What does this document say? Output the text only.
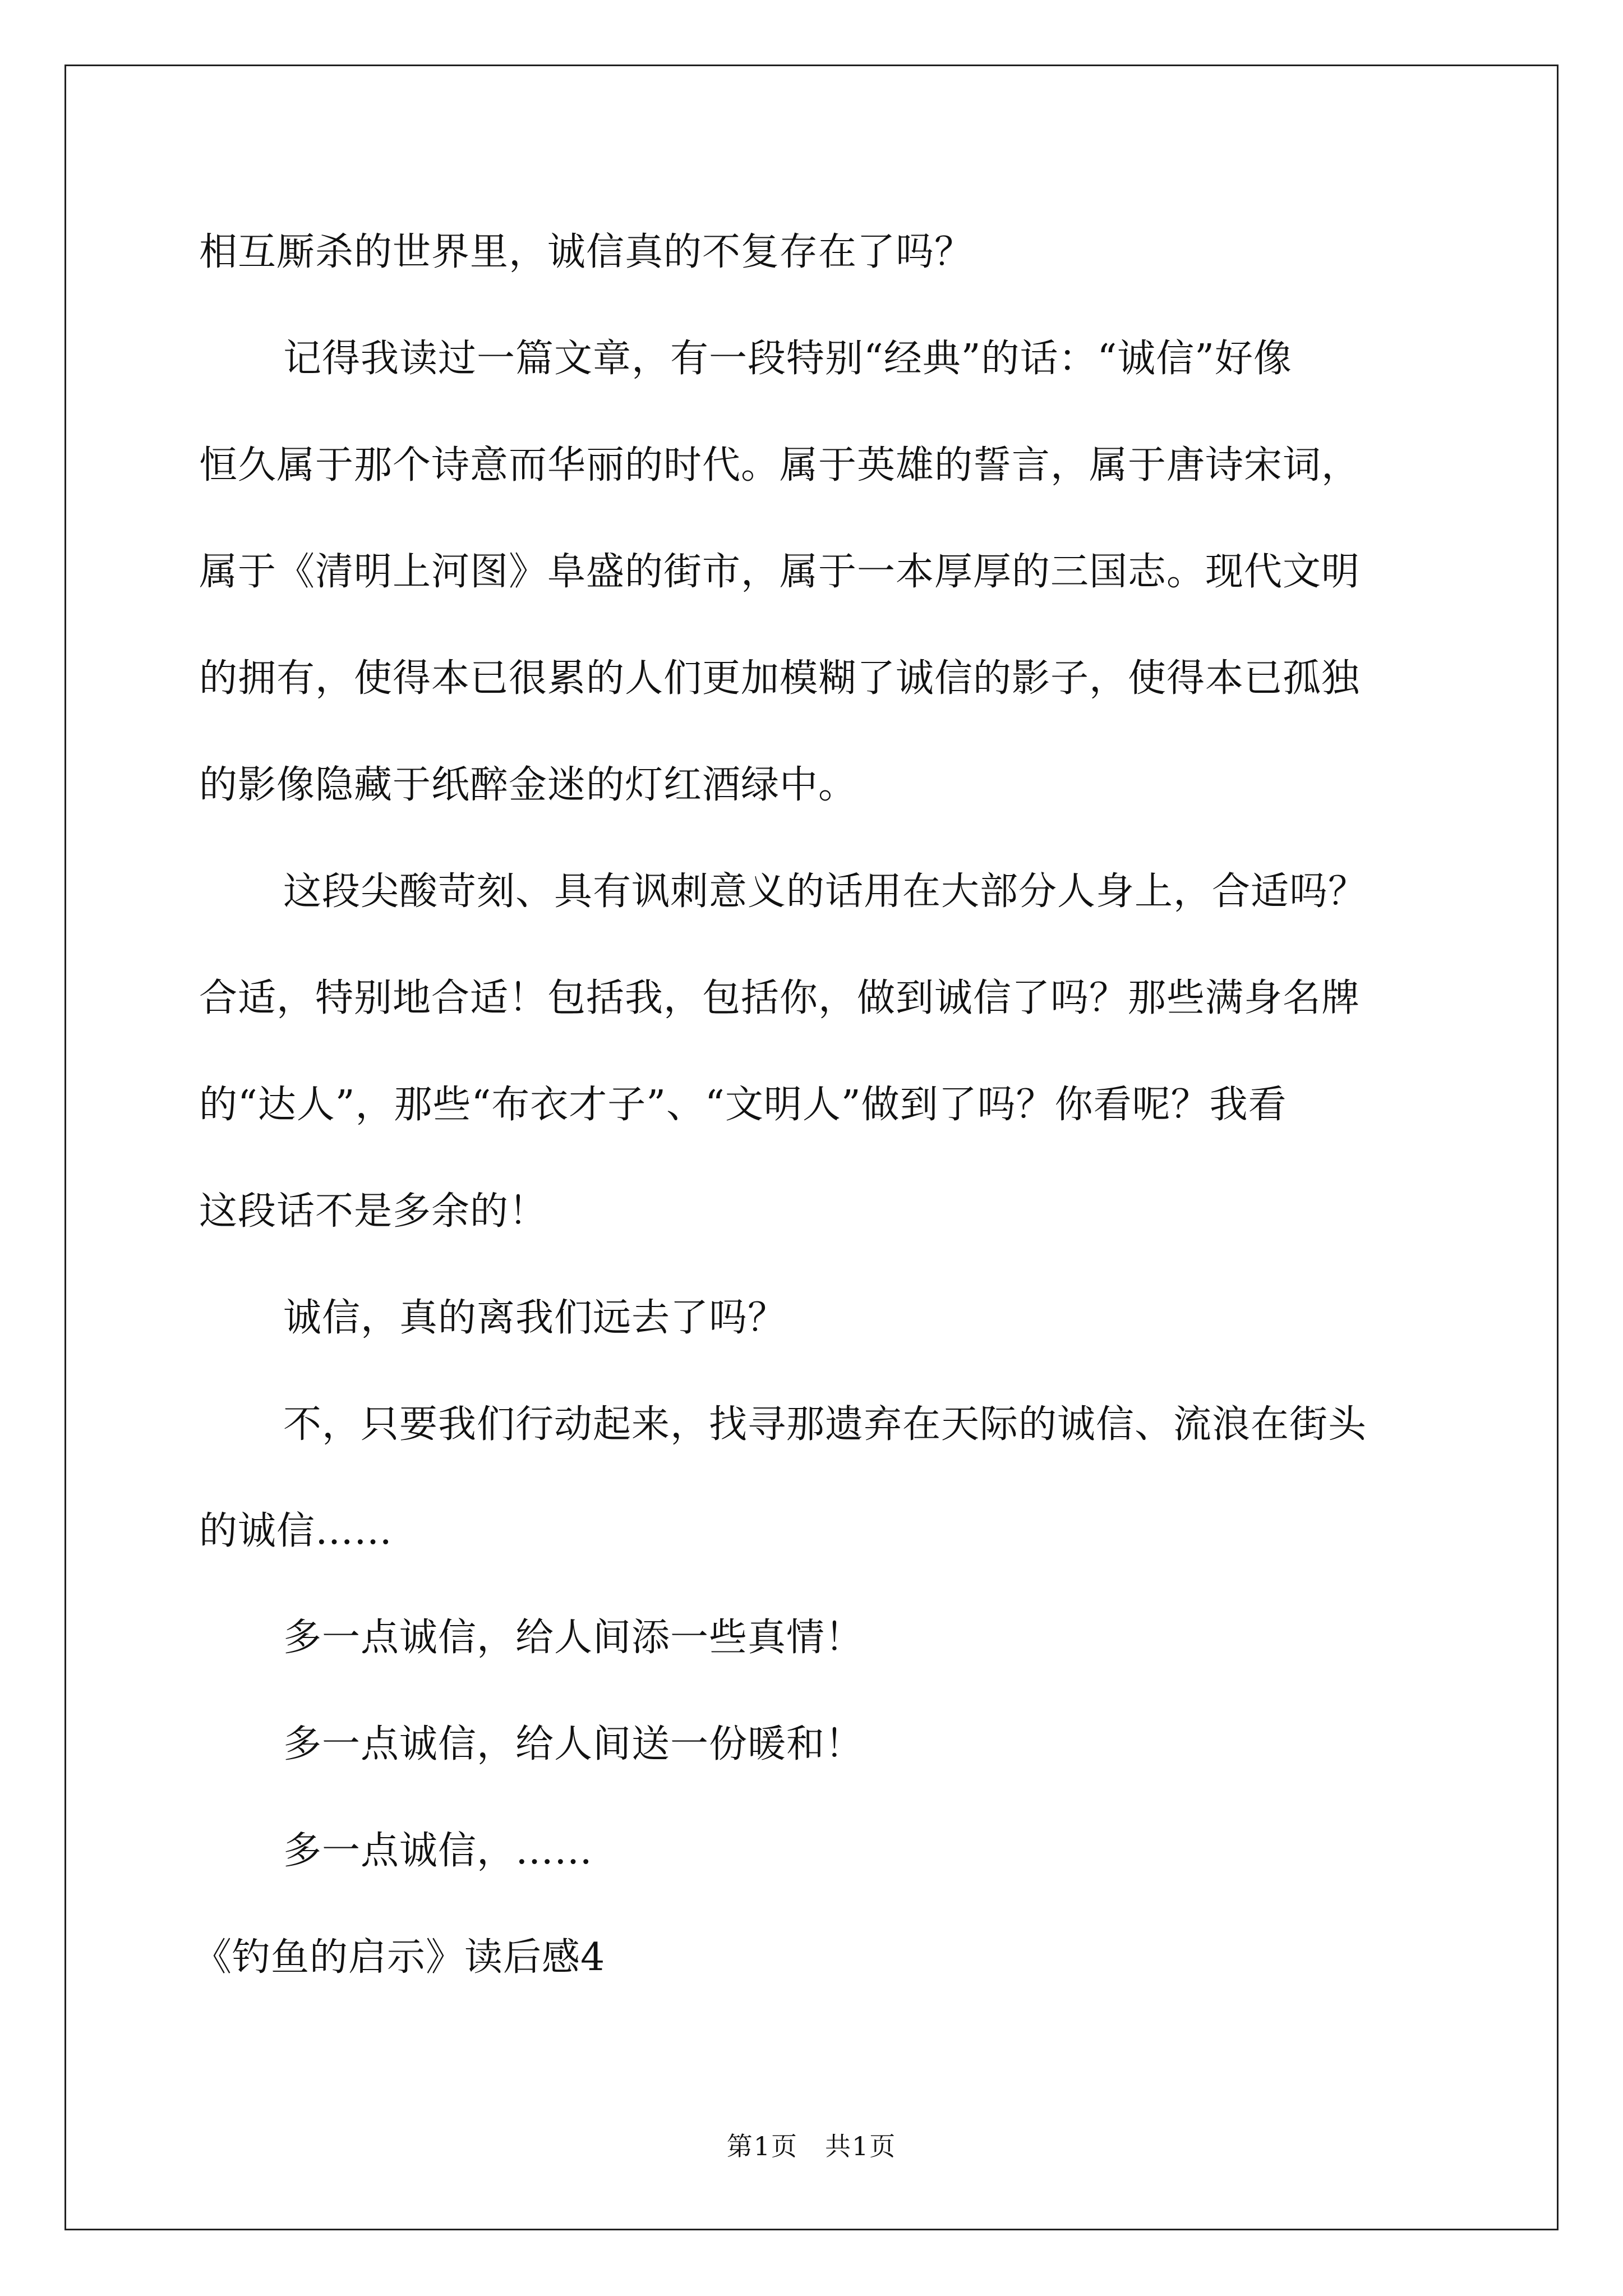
相互厮杀的世界里，诚信真的不复存在了吗？
记得我读过一篇文章，有一段特别“经典”的话：“诚信”好像
恒久属于那个诗意而华丽的时代。属于英雄的誓言，属于唐诗宋词，
属于《清明上河图》阜盛的街市，属于一本厚厚的三国志。现代文明
的拥有，使得本已很累的人们更加模糊了诚信的影子，使得本已孤独
的影像隐藏于纸醉金迷的灯红酒绿中。
这段尖酸苛刻、具有讽刺意义的话用在大部分人身上，合适吗？
合适，特别地合适！包括我，包括你，做到诚信了吗？那些满身名牌
的“达人”，那些“布衣才子”、“文明人”做到了吗？你看呢？我看
这段话不是多余的！
诚信，真的离我们远去了吗？
不，只要我们行动起来，找寻那遗弃在天际的诚信、流浪在街头
的诚信……
多一点诚信，给人间添一些真情！
多一点诚信，给人间送一份暖和！
多一点诚信，……
《钓鱼的启示》读后感4
第1页　共1页
